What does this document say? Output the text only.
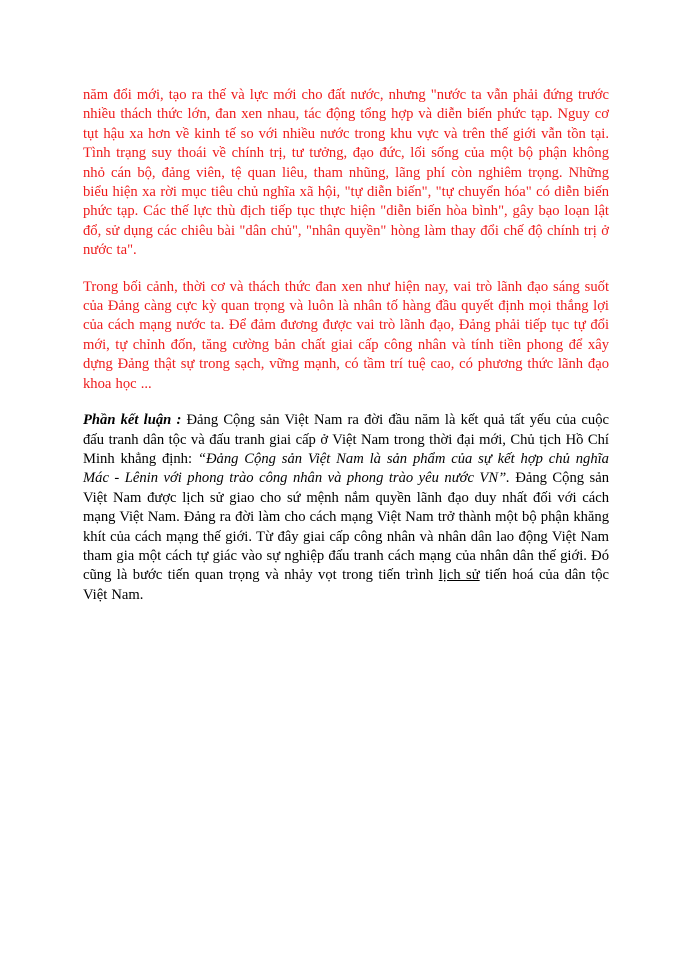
năm đổi mới, tạo ra thế và lực mới cho đất nước, nhưng "nước ta vẫn phải đứng trước nhiều thách thức lớn, đan xen nhau, tác động tổng hợp và diễn biến phức tạp. Nguy cơ tụt hậu xa hơn về kinh tế so với nhiều nước trong khu vực và trên thế giới vẫn tồn tại. Tình trạng suy thoái về chính trị, tư tưởng, đạo đức, lối sống của một bộ phận không nhỏ cán bộ, đảng viên, tệ quan liêu, tham nhũng, lãng phí còn nghiêm trọng. Những biểu hiện xa rời mục tiêu chủ nghĩa xã hội, "tự diễn biến", "tự chuyển hóa" có diễn biến phức tạp. Các thế lực thù địch tiếp tục thực hiện "diễn biến hòa bình", gây bạo loạn lật đổ, sử dụng các chiêu bài "dân chủ", "nhân quyền" hòng làm thay đổi chế độ chính trị ở nước ta".

Trong bối cảnh, thời cơ và thách thức đan xen như hiện nay, vai trò lãnh đạo sáng suốt của Đảng càng cực kỳ quan trọng và luôn là nhân tố hàng đầu quyết định mọi thắng lợi của cách mạng nước ta. Để đảm đương được vai trò lãnh đạo, Đảng phải tiếp tục tự đổi mới, tự chỉnh đốn, tăng cường bản chất giai cấp công nhân và tính tiền phong để xây dựng Đảng thật sự trong sạch, vững mạnh, có tầm trí tuệ cao, có phương thức lãnh đạo khoa học ...

Phần kết luận : Đảng Cộng sản Việt Nam ra đời đầu năm là kết quả tất yếu của cuộc đấu tranh dân tộc và đấu tranh giai cấp ở Việt Nam trong thời đại mới, Chủ tịch Hồ Chí Minh khẳng định: “Đảng Cộng sản Việt Nam là sản phẩm của sự kết hợp chủ nghĩa Mác - Lênin với phong trào công nhân và phong trào yêu nước VN”. Đảng Cộng sản Việt Nam được lịch sử giao cho sứ mệnh nắm quyền lãnh đạo duy nhất đối với cách mạng Việt Nam. Đảng ra đời làm cho cách mạng Việt Nam trở thành một bộ phận khăng khít của cách mạng thế giới. Từ đây giai cấp công nhân và nhân dân lao động Việt Nam tham gia một cách tự giác vào sự nghiệp đấu tranh cách mạng của nhân dân thế giới. Đó cũng là bước tiến quan trọng và nhảy vọt trong tiến trình lịch sử tiến hoá của dân tộc Việt Nam.
